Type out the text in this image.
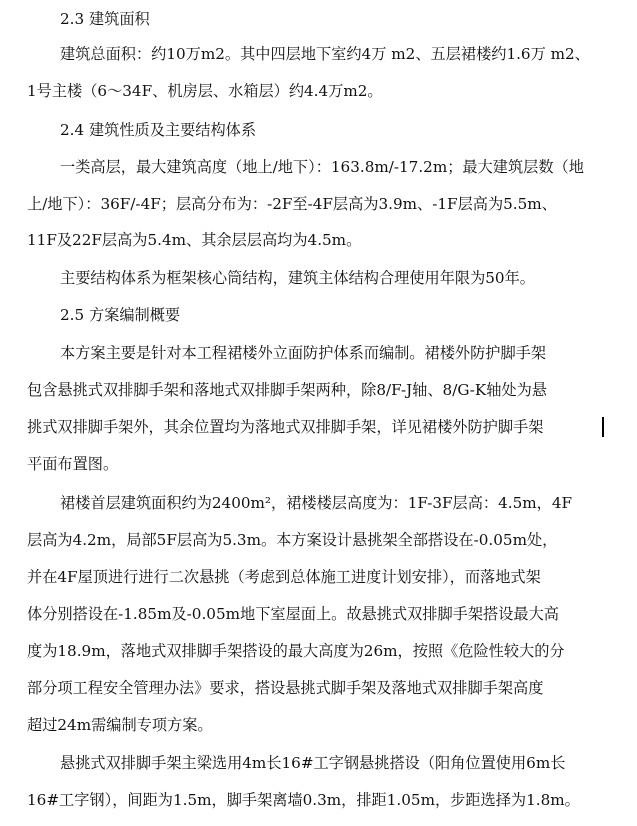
2.3 建筑面积
建筑总面积：约10万m2。其中四层地下室约4万 m2、五层裙楼约1.6万 m2、
1号主楼（6～34F、机房层、水箱层）约4.4万m2。
2.4 建筑性质及主要结构体系
一类高层，最大建筑高度（地上/地下）：163.8m/-17.2m；最大建筑层数（地
上/地下）：36F/-4F；层高分布为：-2F至-4F层高为3.9m、-1F层高为5.5m、
11F及22F层高为5.4m、其余层层高均为4.5m。
主要结构体系为框架核心筒结构，建筑主体结构合理使用年限为50年。
2.5 方案编制概要
本方案主要是针对本工程裙楼外立面防护体系而编制。裙楼外防护脚手架
包含悬挑式双排脚手架和落地式双排脚手架两种，除8/F-J轴、8/G-K轴处为悬
挑式双排脚手架外，其余位置均为落地式双排脚手架，详见裙楼外防护脚手架
平面布置图。
裙楼首层建筑面积约为2400m²，裙楼楼层高度为：1F-3F层高：4.5m，4F
层高为4.2m，局部5F层高为5.3m。本方案设计悬挑架全部搭设在-0.05m处，
并在4F屋顶进行进行二次悬挑（考虑到总体施工进度计划安排），而落地式架
体分别搭设在-1.85m及-0.05m地下室屋面上。故悬挑式双排脚手架搭设最大高
度为18.9m，落地式双排脚手架搭设的最大高度为26m，按照《危险性较大的分
部分项工程安全管理办法》要求，搭设悬挑式脚手架及落地式双排脚手架高度
超过24m需编制专项方案。
悬挑式双排脚手架主梁选用4m长16#工字钢悬挑搭设（阳角位置使用6m长
16#工字钢），间距为1.5m，脚手架离墙0.3m，排距1.05m，步距选择为1.8m。
